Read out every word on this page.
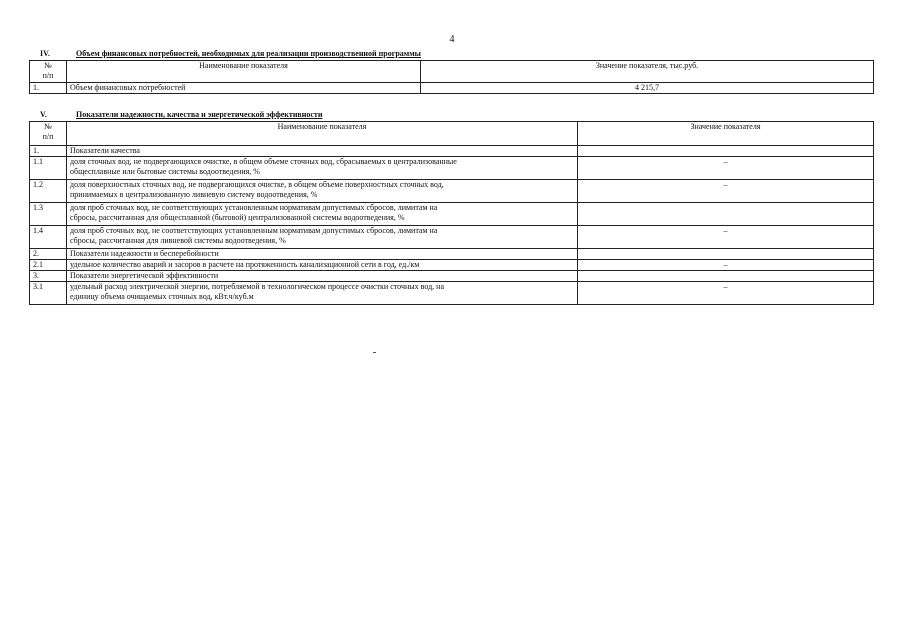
4
IV.	Объем финансовых потребностей, необходимых для реализации производственной программы
№
п/п	Наименование показателя	Значение показателя, тыс.руб.
1.	Объем финансовых потребностей	4 215,7
V.	Показатели надежности, качества и энергетической эффективности
№
п/п	Наименование показателя	Значение показателя
1.	Показатели качества	

1.1	доля сточных вод, не подвергающихся очистке, в общем объеме сточных вод, сбрасываемых в централизованные
общесплавные или бытовые системы водоотведения, %	–
1.2	доля поверхностных сточных вод, не подвергающихся очистке, в общем объеме поверхностных сточных вод,
принимаемых в централизованную ливневую систему водоотведения, %	–
1.3	доля проб сточных вод, не соответствующих установленным нормативам допустимых сбросов, лимитам на
сбросы, рассчитанная для общесплавной (бытовой) централизованной системы водоотведения, %	

1.4	доля проб сточных вод, не соответствующих установленным нормативам допустимых сбросов, лимитам на
сбросы, рассчитанная для ливневой системы водоотведения, %	–
2.	Показатели надежности и бесперебойности	

2.1	удельное количество аварий и засоров в расчете на протяженность канализационной сети в год, ед./км	–
3.	Показатели энергетической эффективности	

3.1	удельный расход электрической энергии, потребляемой в технологическом процессе очистки сточных вод, на
единицу объема очищаемых сточных вод, кВт.ч/куб.м	–
